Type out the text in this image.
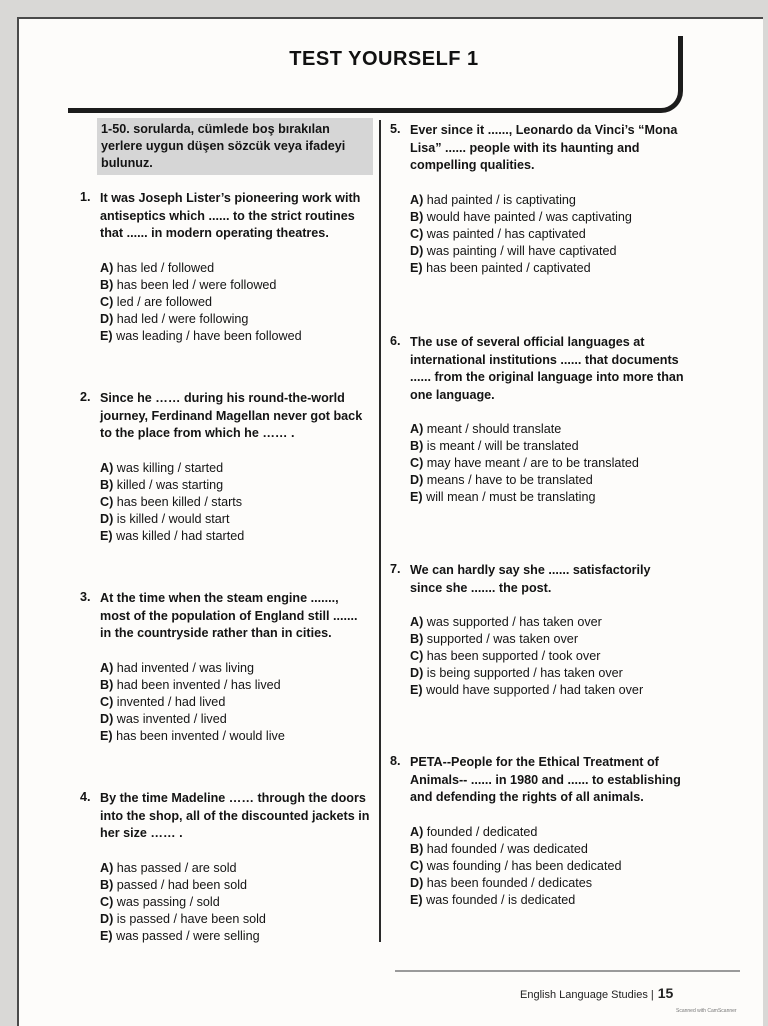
TEST YOURSELF 1
1-50. sorularda, cümlede boş bırakılan yerlere uygun düşen sözcük veya ifadeyi bulunuz.
1. It was Joseph Lister’s pioneering work with antiseptics which ...... to the strict routines that ...... in modern operating theatres.
A) has led / followed
B) has been led / were followed
C) led / are followed
D) had led / were following
E) was leading / have been followed
2. Since he …… during his round-the-world journey, Ferdinand Magellan never got back to the place from which he …… .
A) was killing / started
B) killed / was starting
C) has been killed / starts
D) is killed / would start
E) was killed / had started
3. At the time when the steam engine ......., most of the population of England still ....... in the countryside rather than in cities.
A) had invented / was living
B) had been invented / has lived
C) invented / had lived
D) was invented / lived
E) has been invented / would live
4. By the time Madeline …… through the doors into the shop, all of the discounted jackets in her size …… .
A) has passed / are sold
B) passed / had been sold
C) was passing / sold
D) is passed / have been sold
E) was passed / were selling
5. Ever since it ......, Leonardo da Vinci’s “Mona Lisa” ...... people with its haunting and compelling qualities.
A) had painted / is captivating
B) would have painted / was captivating
C) was painted / has captivated
D) was painting / will have captivated
E) has been painted / captivated
6. The use of several official languages at international institutions ...... that documents ...... from the original language into more than one language.
A) meant / should translate
B) is meant / will be translated
C) may have meant / are to be translated
D) means / have to be translated
E) will mean / must be translating
7. We can hardly say she ...... satisfactorily since she ....... the post.
A) was supported / has taken over
B) supported / was taken over
C) has been supported / took over
D) is being supported / has taken over
E) would have supported / had taken over
8. PETA--People for the Ethical Treatment of Animals-- ...... in 1980 and ...... to establishing and defending the rights of all animals.
A) founded / dedicated
B) had founded / was dedicated
C) was founding / has been dedicated
D) has been founded / dedicates
E) was founded / is dedicated
English Language Studies | 15
Scanned with CamScanner
